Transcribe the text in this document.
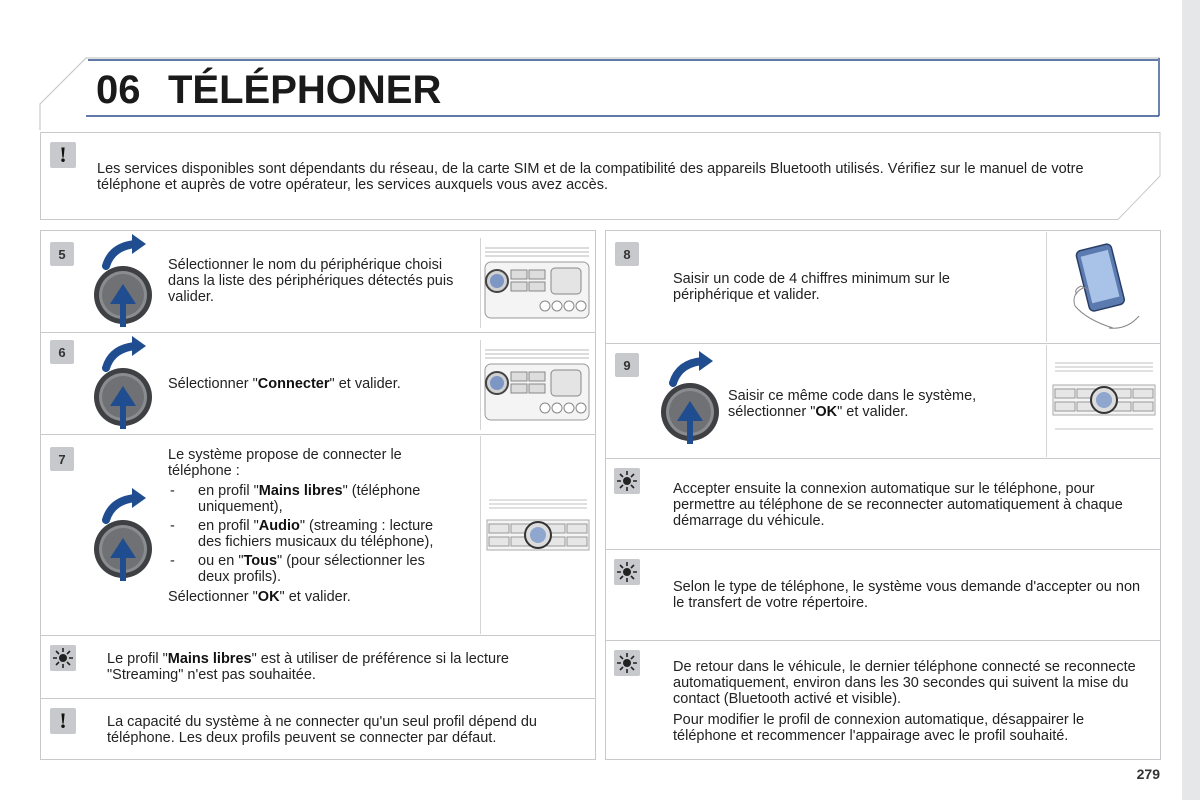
06 TÉLÉPHONER
!
Les services disponibles sont dépendants du réseau, de la carte SIM et de la compatibilité des appareils Bluetooth utilisés. Vérifiez sur le manuel de votre téléphone et auprès de votre opérateur, les services auxquels vous avez accès.
5
Sélectionner le nom du périphérique choisi dans la liste des périphériques détectés puis valider.
6
Sélectionner "Connecter" et valider.
7	Le système propose de connecter le téléphone :
- en profil "Mains libres" (téléphone uniquement),
- en profil "Audio" (streaming : lecture des fichiers musicaux du téléphone),
- ou en "Tous" (pour sélectionner les deux profils).
Sélectionner "OK" et valider.
Le profil "Mains libres" est à utiliser de préférence si la lecture "Streaming" n'est pas souhaitée.
!	La capacité du système à ne connecter qu'un seul profil dépend du téléphone. Les deux profils peuvent se connecter par défaut.
8
Saisir un code de 4 chiffres minimum sur le périphérique et valider.
9
Saisir ce même code dans le système, sélectionner "OK" et valider.
Accepter ensuite la connexion automatique sur le téléphone, pour permettre au téléphone de se reconnecter automatiquement à chaque démarrage du véhicule.
Selon le type de téléphone, le système vous demande d'accepter ou non le transfert de votre répertoire.
De retour dans le véhicule, le dernier téléphone connecté se reconnecte automatiquement, environ dans les 30 secondes qui suivent la mise du contact (Bluetooth activé et visible).
Pour modifier le profil de connexion automatique, désappairer le téléphone et recommencer l'appairage avec le profil souhaité.
279
